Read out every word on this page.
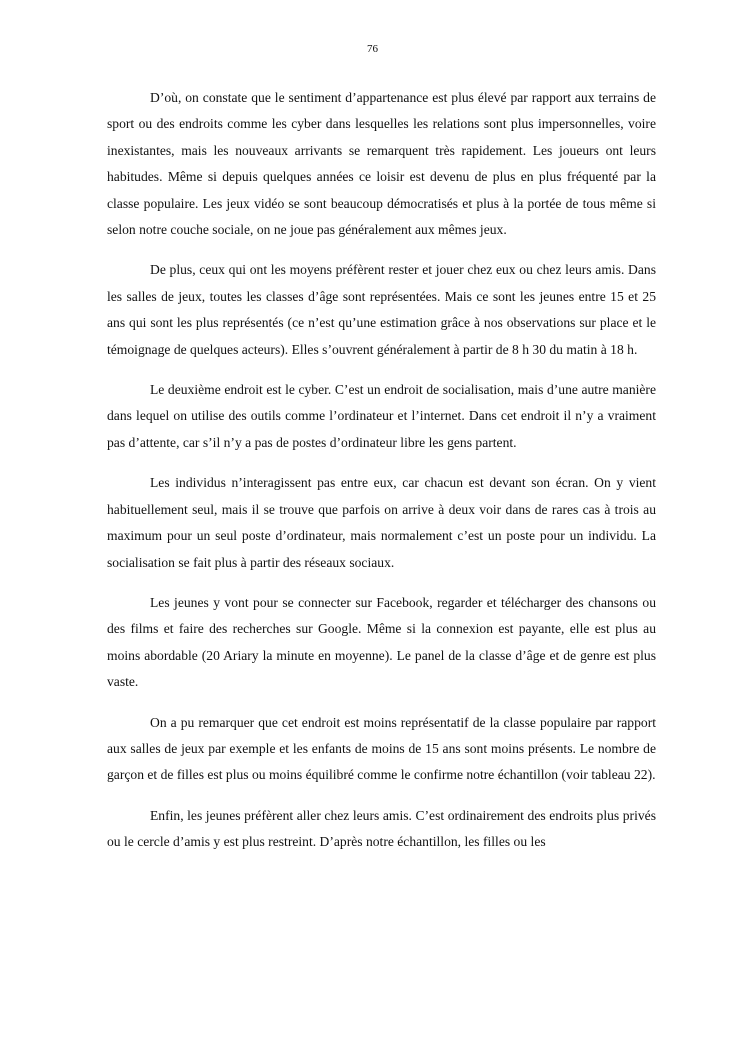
76

D’où, on constate que le sentiment d’appartenance est plus élevé par rapport aux terrains de sport ou des endroits comme les cyber dans lesquelles les relations sont plus impersonnelles, voire inexistantes, mais les nouveaux arrivants se remarquent très rapidement. Les joueurs ont leurs habitudes. Même si depuis quelques années ce loisir est devenu de plus en plus fréquenté par la classe populaire. Les jeux vidéo se sont beaucoup démocratisés et plus à la portée de tous même si selon notre couche sociale, on ne joue pas généralement aux mêmes jeux.

De plus, ceux qui ont les moyens préfèrent rester et jouer chez eux ou chez leurs amis. Dans les salles de jeux, toutes les classes d’âge sont représentées. Mais ce sont les jeunes entre 15 et 25 ans qui sont les plus représentés (ce n’est qu’une estimation grâce à nos observations sur place et le témoignage de quelques acteurs). Elles s’ouvrent généralement à partir de 8 h 30 du matin à 18 h.

Le deuxième endroit est le cyber. C’est un endroit de socialisation, mais d’une autre manière dans lequel on utilise des outils comme l’ordinateur et l’internet. Dans cet endroit il n’y a vraiment pas d’attente, car s’il n’y a pas de postes d’ordinateur libre les gens partent.

Les individus n’interagissent pas entre eux, car chacun est devant son écran. On y vient habituellement seul, mais il se trouve que parfois on arrive à deux voir dans de rares cas à trois au maximum pour un seul poste d’ordinateur, mais normalement c’est un poste pour un individu. La socialisation se fait plus à partir des réseaux sociaux.

Les jeunes y vont pour se connecter sur Facebook, regarder et télécharger des chansons ou des films et faire des recherches sur Google. Même si la connexion est payante, elle est plus au moins abordable (20 Ariary la minute en moyenne). Le panel de la classe d’âge et de genre est plus vaste.

On a pu remarquer que cet endroit est moins représentatif de la classe populaire par rapport aux salles de jeux par exemple et les enfants de moins de 15 ans sont moins présents. Le nombre de garçon et de filles est plus ou moins équilibré comme le confirme notre échantillon (voir tableau 22).

Enfin, les jeunes préfèrent aller chez leurs amis. C’est ordinairement des endroits plus privés ou le cercle d’amis y est plus restreint. D’après notre échantillon, les filles ou les
